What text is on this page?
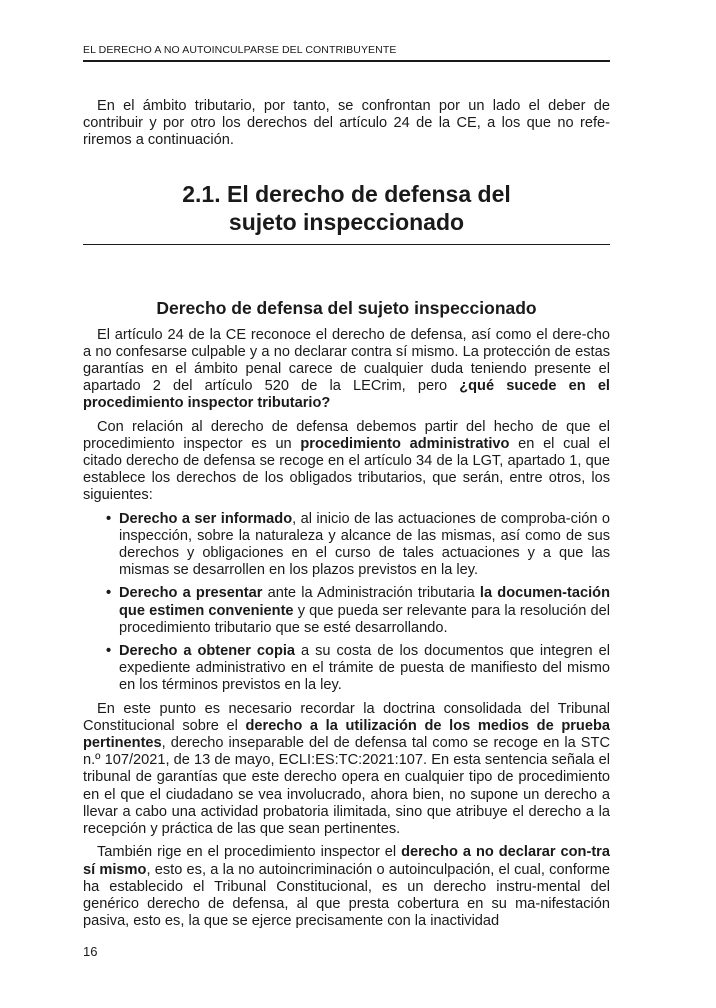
EL DERECHO A NO AUTOINCULPARSE DEL CONTRIBUYENTE

En el ámbito tributario, por tanto, se confrontan por un lado el deber de contribuir y por otro los derechos del artículo 24 de la CE, a los que no refe-riremos a continuación.

2.1. El derecho de defensa del
sujeto inspeccionado
Derecho de defensa del sujeto inspeccionado

El artículo 24 de la CE reconoce el derecho de defensa, así como el dere-cho a no confesarse culpable y a no declarar contra sí mismo. La protección de estas garantías en el ámbito penal carece de cualquier duda teniendo presente el apartado 2 del artículo 520 de la LECrim, pero ¿qué sucede en el procedimiento inspector tributario?

Con relación al derecho de defensa debemos partir del hecho de que el procedimiento inspector es un procedimiento administrativo en el cual el citado derecho de defensa se recoge en el artículo 34 de la LGT, apartado 1, que establece los derechos de los obligados tributarios, que serán, entre otros, los siguientes:

• Derecho a ser informado, al inicio de las actuaciones de comproba-ción o inspección, sobre la naturaleza y alcance de las mismas, así como de sus derechos y obligaciones en el curso de tales actuaciones y a que las mismas se desarrollen en los plazos previstos en la ley.
• Derecho a presentar ante la Administración tributaria la documen-tación que estimen conveniente y que pueda ser relevante para la resolución del procedimiento tributario que se esté desarrollando.
• Derecho a obtener copia a su costa de los documentos que integren el expediente administrativo en el trámite de puesta de manifiesto del mismo en los términos previstos en la ley.

En este punto es necesario recordar la doctrina consolidada del Tribunal Constitucional sobre el derecho a la utilización de los medios de prueba pertinentes, derecho inseparable del de defensa tal como se recoge en la STC n.º 107/2021, de 13 de mayo, ECLI:ES:TC:2021:107. En esta sentencia señala el tribunal de garantías que este derecho opera en cualquier tipo de procedimiento en el que el ciudadano se vea involucrado, ahora bien, no supone un derecho a llevar a cabo una actividad probatoria ilimitada, sino que atribuye el derecho a la recepción y práctica de las que sean pertinentes.

También rige en el procedimiento inspector el derecho a no declarar con-tra sí mismo, esto es, a la no autoincriminación o autoinculpación, el cual, conforme ha establecido el Tribunal Constitucional, es un derecho instru-mental del genérico derecho de defensa, al que presta cobertura en su ma-nifestación pasiva, esto es, la que se ejerce precisamente con la inactividad

16
